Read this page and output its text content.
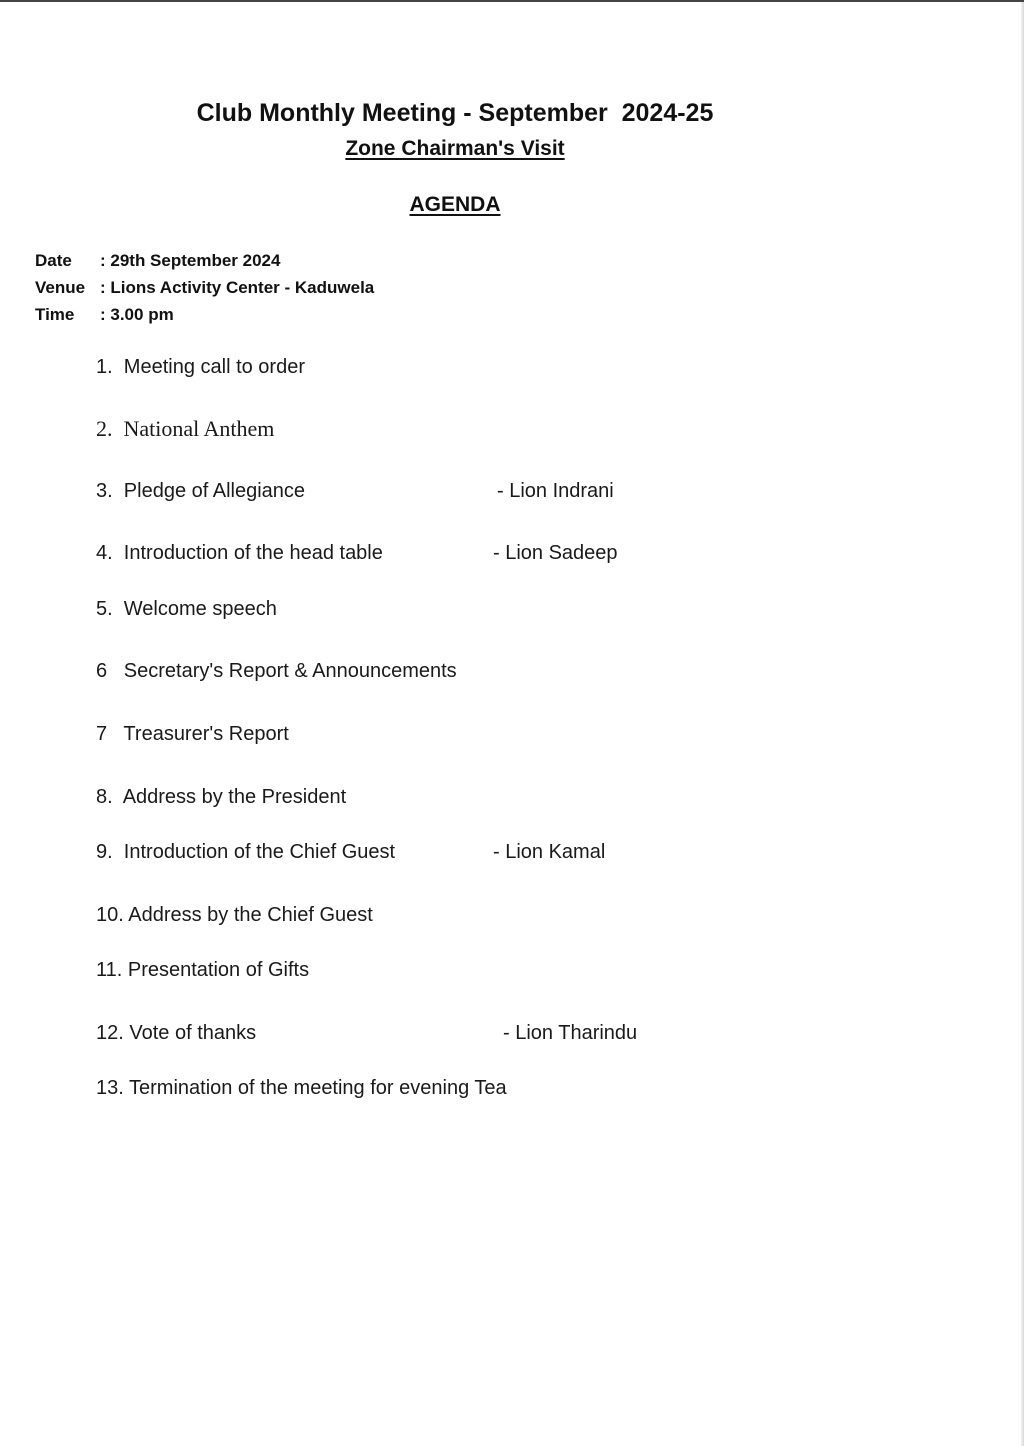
Club Monthly Meeting - September  2024-25
Zone Chairman's Visit
AGENDA
Date : 29th September 2024
Venue : Lions Activity Center - Kaduwela
Time : 3.00 pm
1.  Meeting call to order
2.  National Anthem
3.  Pledge of Allegiance	- Lion Indrani
4.  Introduction of the head table	- Lion Sadeep
5.  Welcome speech
6   Secretary's Report & Announcements
7   Treasurer's Report
8.  Address by the President
9.  Introduction of the Chief Guest	- Lion Kamal
10. Address by the Chief Guest
11. Presentation of Gifts
12. Vote of thanks	- Lion Tharindu
13. Termination of the meeting for evening Tea
